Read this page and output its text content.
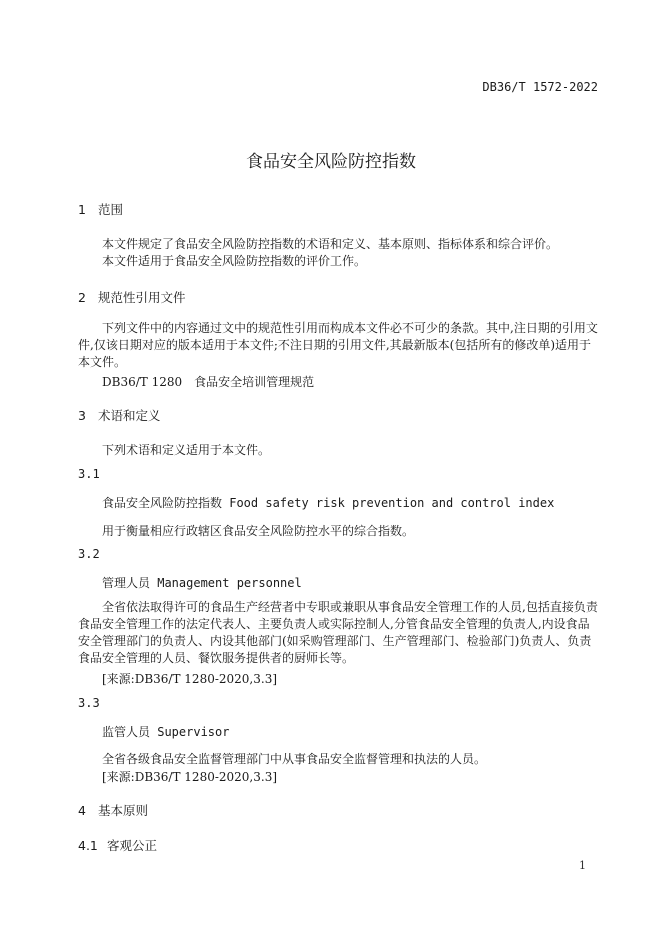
DB36/T 1572-2022
食品安全风险防控指数
1 范围
本文件规定了食品安全风险防控指数的术语和定义、基本原则、指标体系和综合评价。
本文件适用于食品安全风险防控指数的评价工作。
2 规范性引用文件
下列文件中的内容通过文中的规范性引用而构成本文件必不可少的条款。其中,注日期的引用文件,仅该日期对应的版本适用于本文件;不注日期的引用文件,其最新版本(包括所有的修改单)适用于本文件。
DB36/T 1280　食品安全培训管理规范
3 术语和定义
下列术语和定义适用于本文件。
3.1
食品安全风险防控指数 Food safety risk prevention and control index
用于衡量相应行政辖区食品安全风险防控水平的综合指数。
3.2
管理人员 Management personnel
全省依法取得许可的食品生产经营者中专职或兼职从事食品安全管理工作的人员,包括直接负责食品安全管理工作的法定代表人、主要负责人或实际控制人,分管食品安全管理的负责人,内设食品安全管理部门的负责人、内设其他部门(如采购管理部门、生产管理部门、检验部门)负责人、负责食品安全管理的人员、餐饮服务提供者的厨师长等。
[来源:DB36/T 1280-2020,3.3]
3.3
监管人员 Supervisor
全省各级食品安全监督管理部门中从事食品安全监督管理和执法的人员。
[来源:DB36/T 1280-2020,3.3]
4 基本原则
4.1 客观公正
1
